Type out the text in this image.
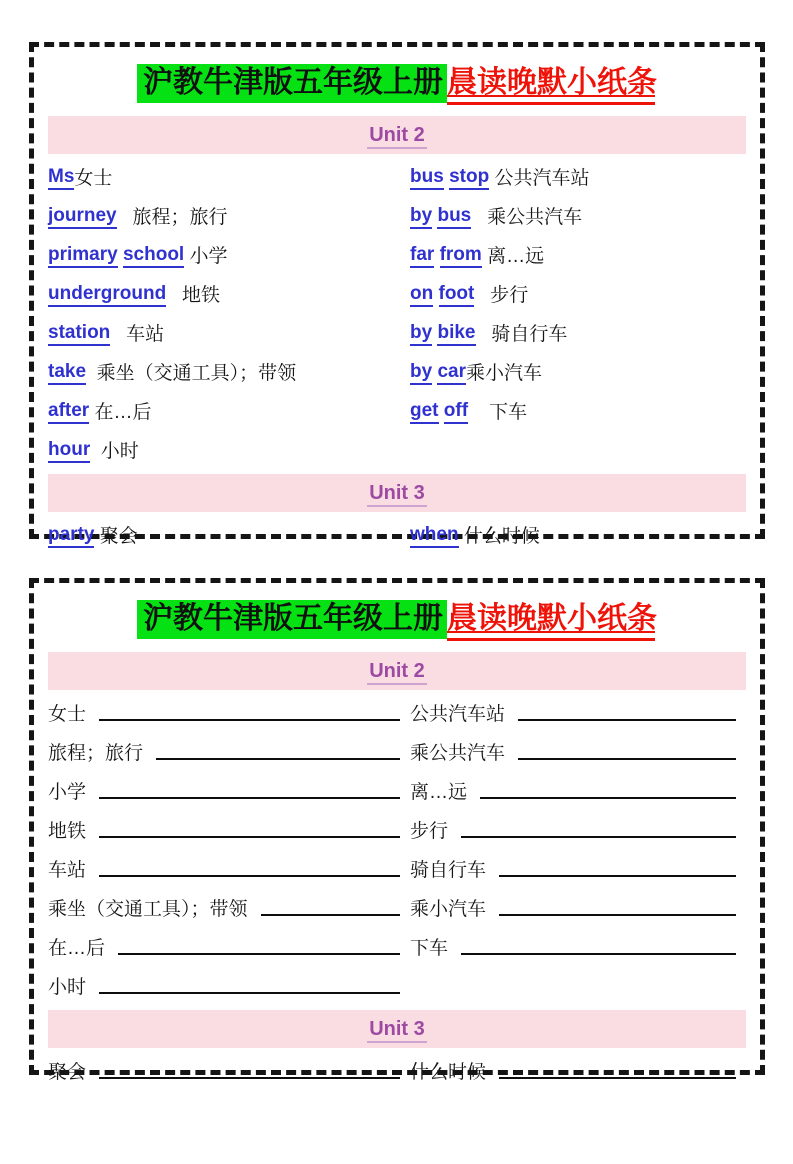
沪教牛津版五年级上册 晨读晚默小纸条
Unit 2
Ms 女士
journey
旅程；旅行
primary school
小学
underground
地铁
station
车站
take
乘坐（交通工具）；带领
after
在…后
hour
小时
bus stop
公共汽车站
by bus
乘公共汽车
far from
离…远
on foot
步行
by bike
骑自行车
by car 乘小汽车
get off
下车
Unit 3
party
聚会	when
什么时候
沪教牛津版五年级上册 晨读晚默小纸条
Unit 2
女士
旅程；旅行
小学
地铁
车站
乘坐（交通工具）；带领
在…后
小时
公共汽车站
乘公共汽车
离…远
步行
骑自行车
乘小汽车
下车
Unit 3
聚会	什么时候
